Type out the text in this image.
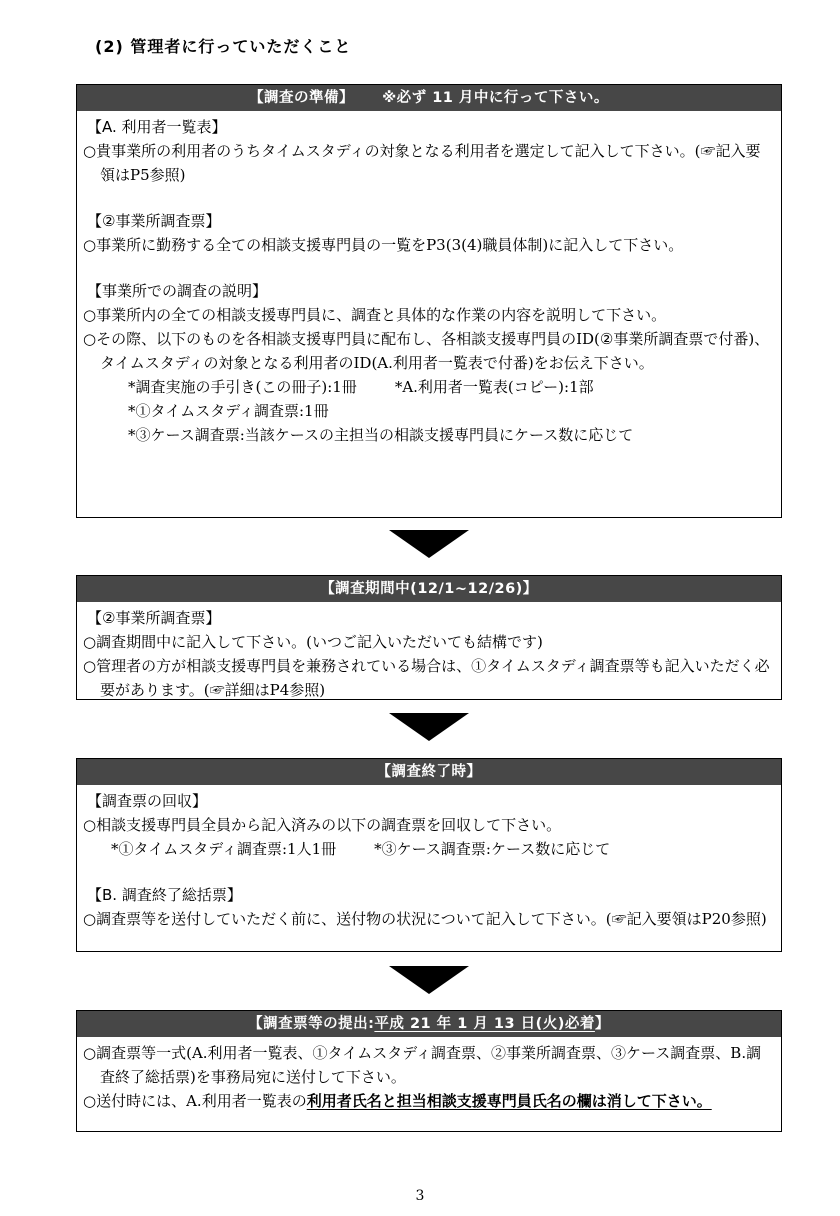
(2) 管理者に行っていただくこと
【調査の準備】 ※必ず 11 月中に行って下さい。
【A. 利用者一覧表】
○貴事業所の利用者のうちタイムスタディの対象となる利用者を選定して記入して下さい。(☞記入要領はP5参照)
【②事業所調査票】
○事業所に勤務する全ての相談支援専門員の一覧をP3(3(4)職員体制)に記入して下さい。
【事業所での調査の説明】
○事業所内の全ての相談支援専門員に、調査と具体的な作業の内容を説明して下さい。
○その際、以下のものを各相談支援専門員に配布し、各相談支援専門員のID(②事業所調査票で付番)、タイムスタディの対象となる利用者のID(A.利用者一覧表で付番)をお伝え下さい。
*調査実施の手引き(この冊子):1冊	*A.利用者一覧表(コピー):1部
*①タイムスタディ調査票:1冊
*③ケース調査票:当該ケースの主担当の相談支援専門員にケース数に応じて
【調査期間中(12/1~12/26)】
【②事業所調査票】
○調査期間中に記入して下さい。(いつご記入いただいても結構です)
○管理者の方が相談支援専門員を兼務されている場合は、①タイムスタディ調査票等も記入いただく必要があります。(☞詳細はP4参照)
【調査終了時】
【調査票の回収】
○相談支援専門員全員から記入済みの以下の調査票を回収して下さい。
*①タイムスタディ調査票:1人1冊	*③ケース調査票:ケース数に応じて
【B. 調査終了総括票】
○調査票等を送付していただく前に、送付物の状況について記入して下さい。(☞記入要領はP20参照)
【調査票等の提出:平成 21 年 1 月 13 日(火)必着】
○調査票等一式(A.利用者一覧表、①タイムスタディ調査票、②事業所調査票、③ケース調査票、B.調査終了総括票)を事務局宛に送付して下さい。
○送付時には、A.利用者一覧表の利用者氏名と担当相談支援専門員氏名の欄は消して下さい。
3
